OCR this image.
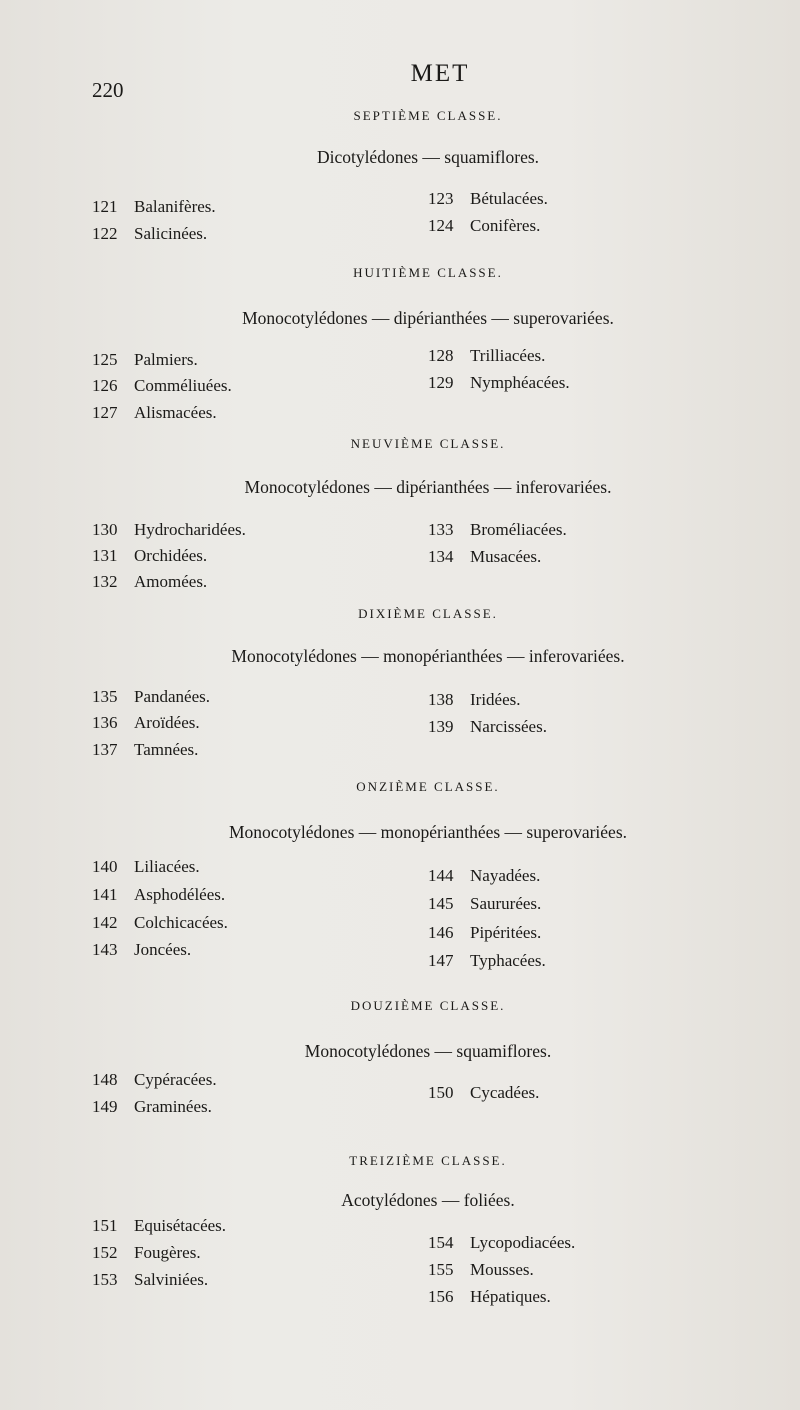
220
MET
SEPTIÈME CLASSE.
Dicotylédones — squamiflores.
121 Balanifères.
122 Salicinées.
123 Bétulacées.
124 Conifères.
HUITIÈME CLASSE.
Monocotylédones — dipérianthées — superovariées.
125 Palmiers.
126 Comméliuées.
127 Alismacées.
128 Trilliacées.
129 Nymphéacées.
NEUVIÈME CLASSE.
Monocotylédones — dipérianthées — inferovariées.
130 Hydrocharidées.
131 Orchidées.
132 Amomées.
133 Broméliacées.
134 Musacées.
DIXIÈME CLASSE.
Monocotylédones — monopérianthées — inferovariées.
135 Pandanées.
136 Aroïdées.
137 Tamnées.
138 Iridées.
139 Narcissées.
ONZIÈME CLASSE.
Monocotylédones — monopérianthées — superovariées.
140 Liliacées.
141 Asphodélées.
142 Colchicacées.
143 Joncées.
144 Nayadées.
145 Saururées.
146 Pipéritées.
147 Typhacées.
DOUZIÈME CLASSE.
Monocotylédones — squamiflores.
148 Cypéracées.
149 Graminées.
150 Cycadées.
TREIZIÈME CLASSE.
Acotylédones — foliées.
151 Equisétacées.
152 Fougères.
153 Salviniées.
154 Lycopodiacées.
155 Mousses.
156 Hépatiques.
